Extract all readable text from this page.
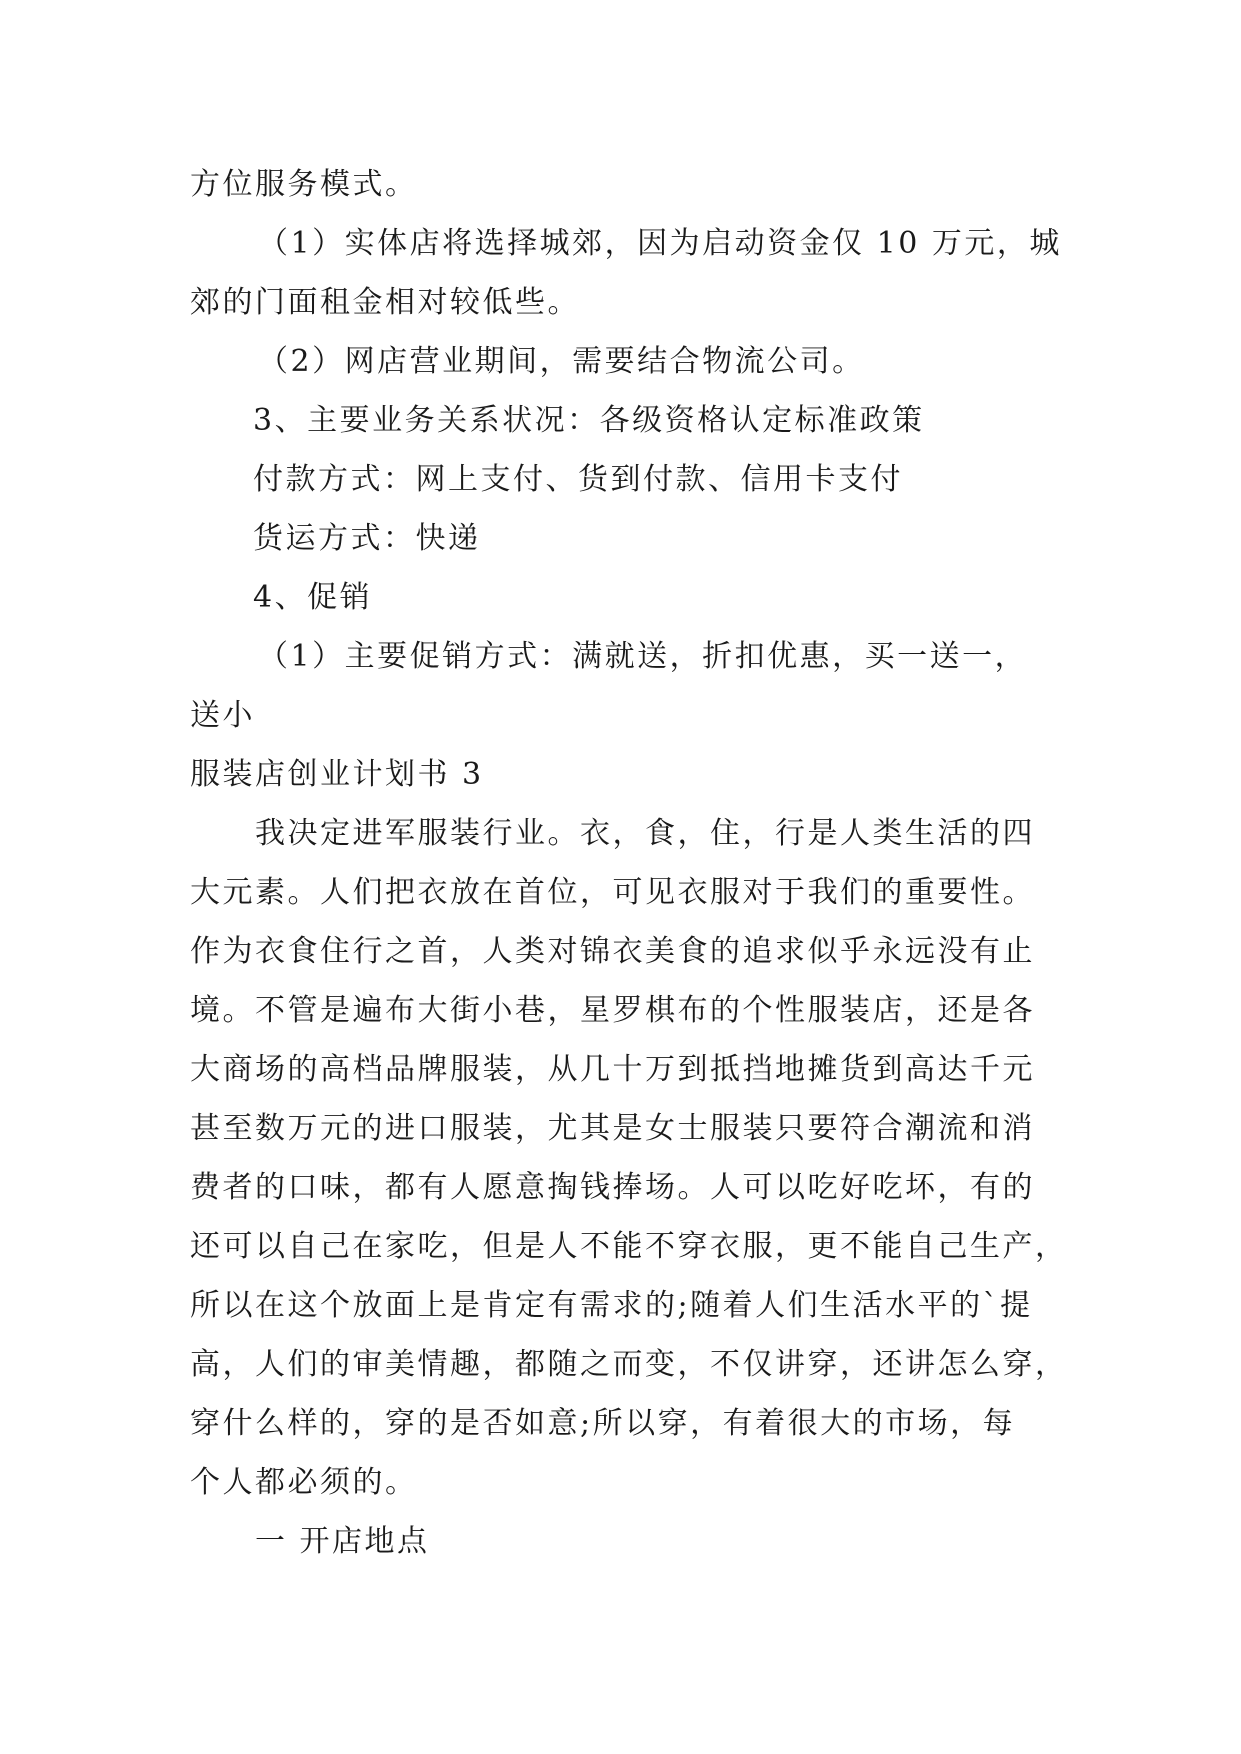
方位服务模式。
（1）实体店将选择城郊，因为启动资金仅 10 万元，城
郊的门面租金相对较低些。
（2）网店营业期间，需要结合物流公司。
3、主要业务关系状况：各级资格认定标准政策
付款方式：网上支付、货到付款、信用卡支付
货运方式：快递
4、促销
（1）主要促销方式：满就送，折扣优惠，买一送一，
送小
服装店创业计划书 3
我决定进军服装行业。衣，食，住，行是人类生活的四
大元素。人们把衣放在首位，可见衣服对于我们的重要性。
作为衣食住行之首，人类对锦衣美食的追求似乎永远没有止
境。不管是遍布大街小巷，星罗棋布的个性服装店，还是各
大商场的高档品牌服装，从几十万到抵挡地摊货到高达千元
甚至数万元的进口服装，尤其是女士服装只要符合潮流和消
费者的口味，都有人愿意掏钱捧场。人可以吃好吃坏，有的
还可以自己在家吃，但是人不能不穿衣服，更不能自己生产，
所以在这个放面上是肯定有需求的;随着人们生活水平的`提
高，人们的审美情趣，都随之而变，不仅讲穿，还讲怎么穿，
穿什么样的，穿的是否如意;所以穿，有着很大的市场，每
个人都必须的。
一 开店地点
